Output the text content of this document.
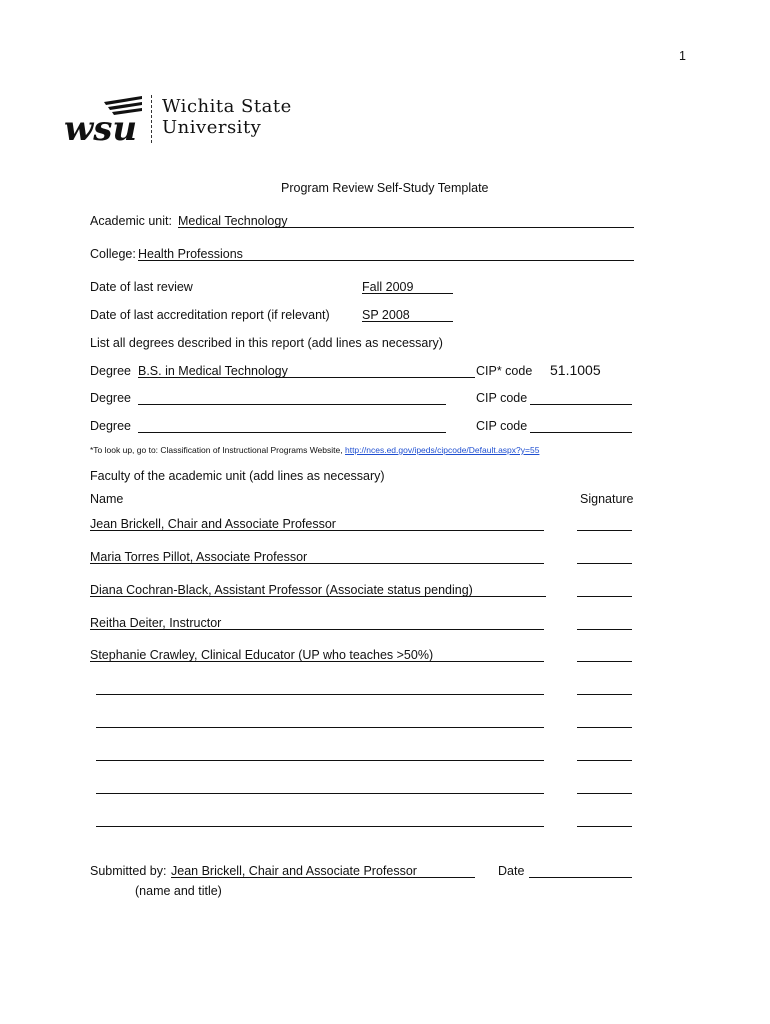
1
wsu
Wichita State
University
Program Review Self-Study Template
Academic unit: Medical Technology
College: Health Professions
Date of last review	Fall 2009
Date of last accreditation report (if relevant)	SP 2008
List all degrees described in this report (add lines as necessary)
Degree B.S. in Medical Technology	CIP* code 51.1005
Degree	CIP code
Degree	CIP code
*To look up, go to: Classification of Instructional Programs Website, http://nces.ed.gov/ipeds/cipcode/Default.aspx?y=55
Faculty of the academic unit (add lines as necessary)
Name	Signature
Jean Brickell, Chair and Associate Professor
Maria Torres Pillot, Associate Professor
Diana Cochran-Black, Assistant Professor (Associate status pending)
Reitha Deiter, Instructor
Stephanie Crawley, Clinical Educator (UP who teaches >50%)
Submitted by: Jean Brickell, Chair and Associate Professor	Date
(name and title)
